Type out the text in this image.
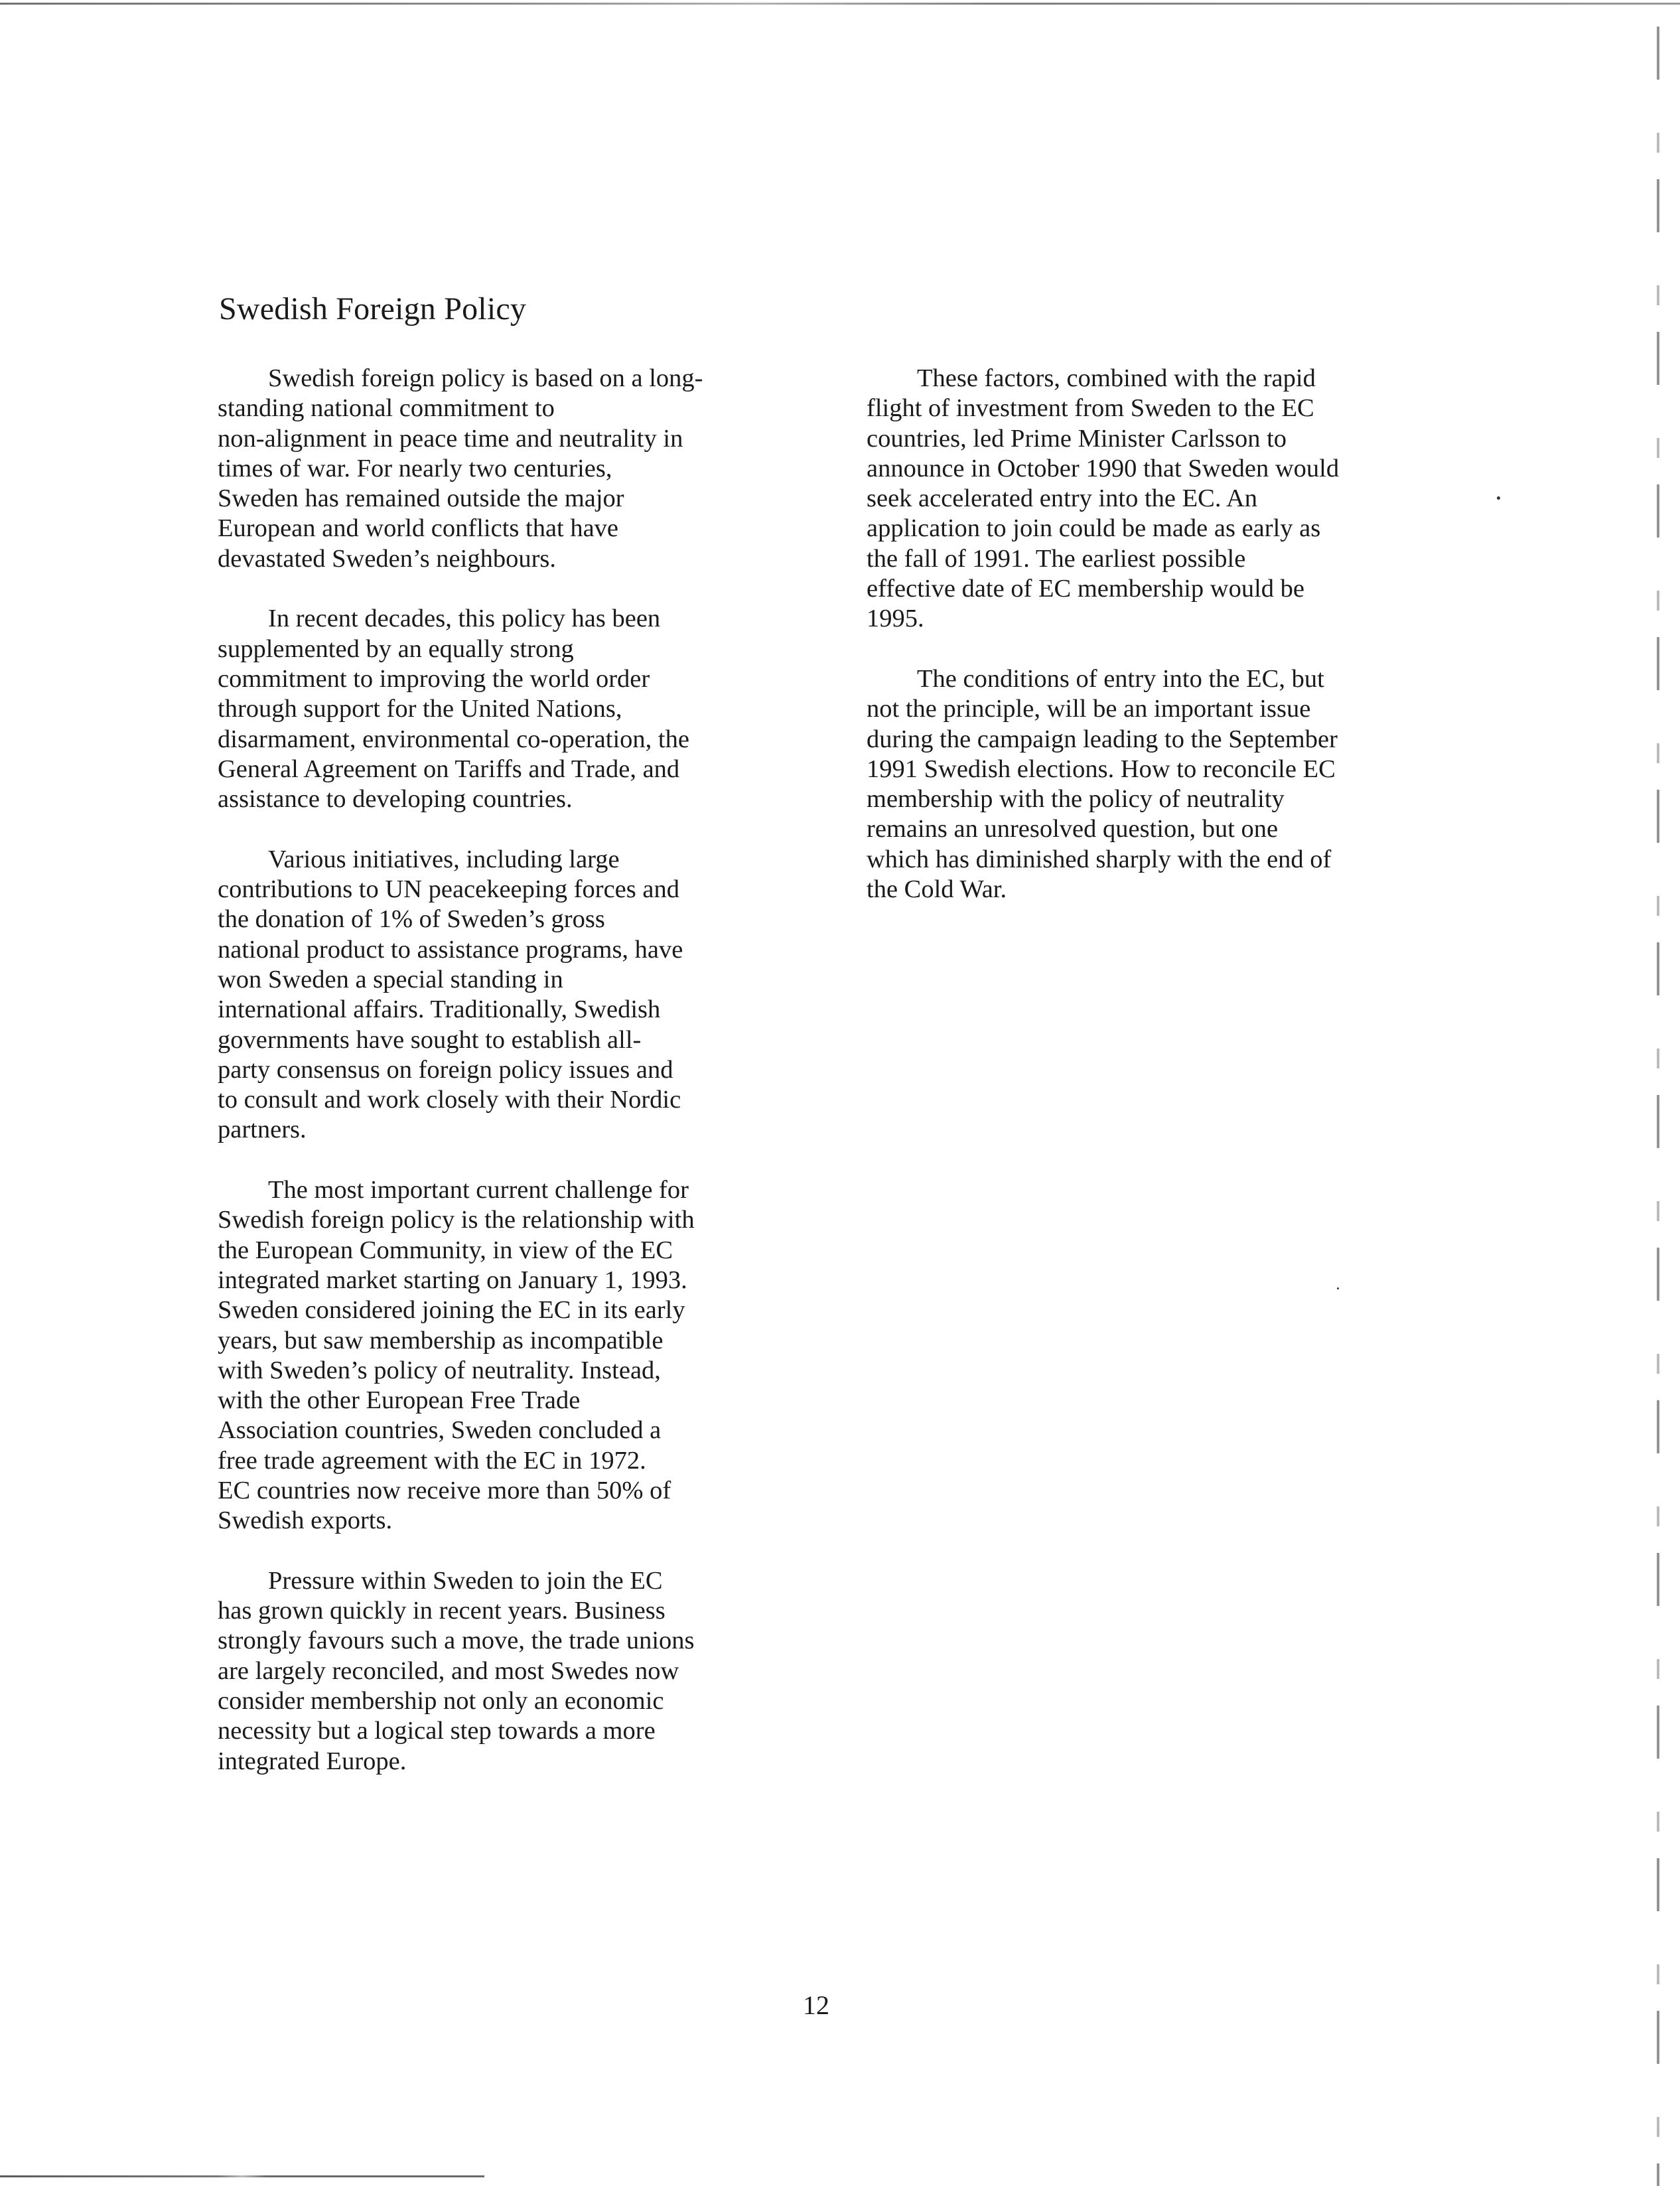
Swedish Foreign Policy

Swedish foreign policy is based on a long-
standing national commitment to
non-alignment in peace time and neutrality in
times of war. For nearly two centuries,
Sweden has remained outside the major
European and world conflicts that have
devastated Sweden’s neighbours.

In recent decades, this policy has been
supplemented by an equally strong
commitment to improving the world order
through support for the United Nations,
disarmament, environmental co-operation, the
General Agreement on Tariffs and Trade, and
assistance to developing countries.

Various initiatives, including large
contributions to UN peacekeeping forces and
the donation of 1% of Sweden’s gross
national product to assistance programs, have
won Sweden a special standing in
international affairs. Traditionally, Swedish
governments have sought to establish all-
party consensus on foreign policy issues and
to consult and work closely with their Nordic
partners.

The most important current challenge for
Swedish foreign policy is the relationship with
the European Community, in view of the EC
integrated market starting on January 1, 1993.
Sweden considered joining the EC in its early
years, but saw membership as incompatible
with Sweden’s policy of neutrality. Instead,
with the other European Free Trade
Association countries, Sweden concluded a
free trade agreement with the EC in 1972.
EC countries now receive more than 50% of
Swedish exports.

Pressure within Sweden to join the EC
has grown quickly in recent years. Business
strongly favours such a move, the trade unions
are largely reconciled, and most Swedes now
consider membership not only an economic
necessity but a logical step towards a more
integrated Europe.

These factors, combined with the rapid
flight of investment from Sweden to the EC
countries, led Prime Minister Carlsson to
announce in October 1990 that Sweden would
seek accelerated entry into the EC. An
application to join could be made as early as
the fall of 1991. The earliest possible
effective date of EC membership would be
1995.

The conditions of entry into the EC, but
not the principle, will be an important issue
during the campaign leading to the September
1991 Swedish elections. How to reconcile EC
membership with the policy of neutrality
remains an unresolved question, but one
which has diminished sharply with the end of
the Cold War.

12
